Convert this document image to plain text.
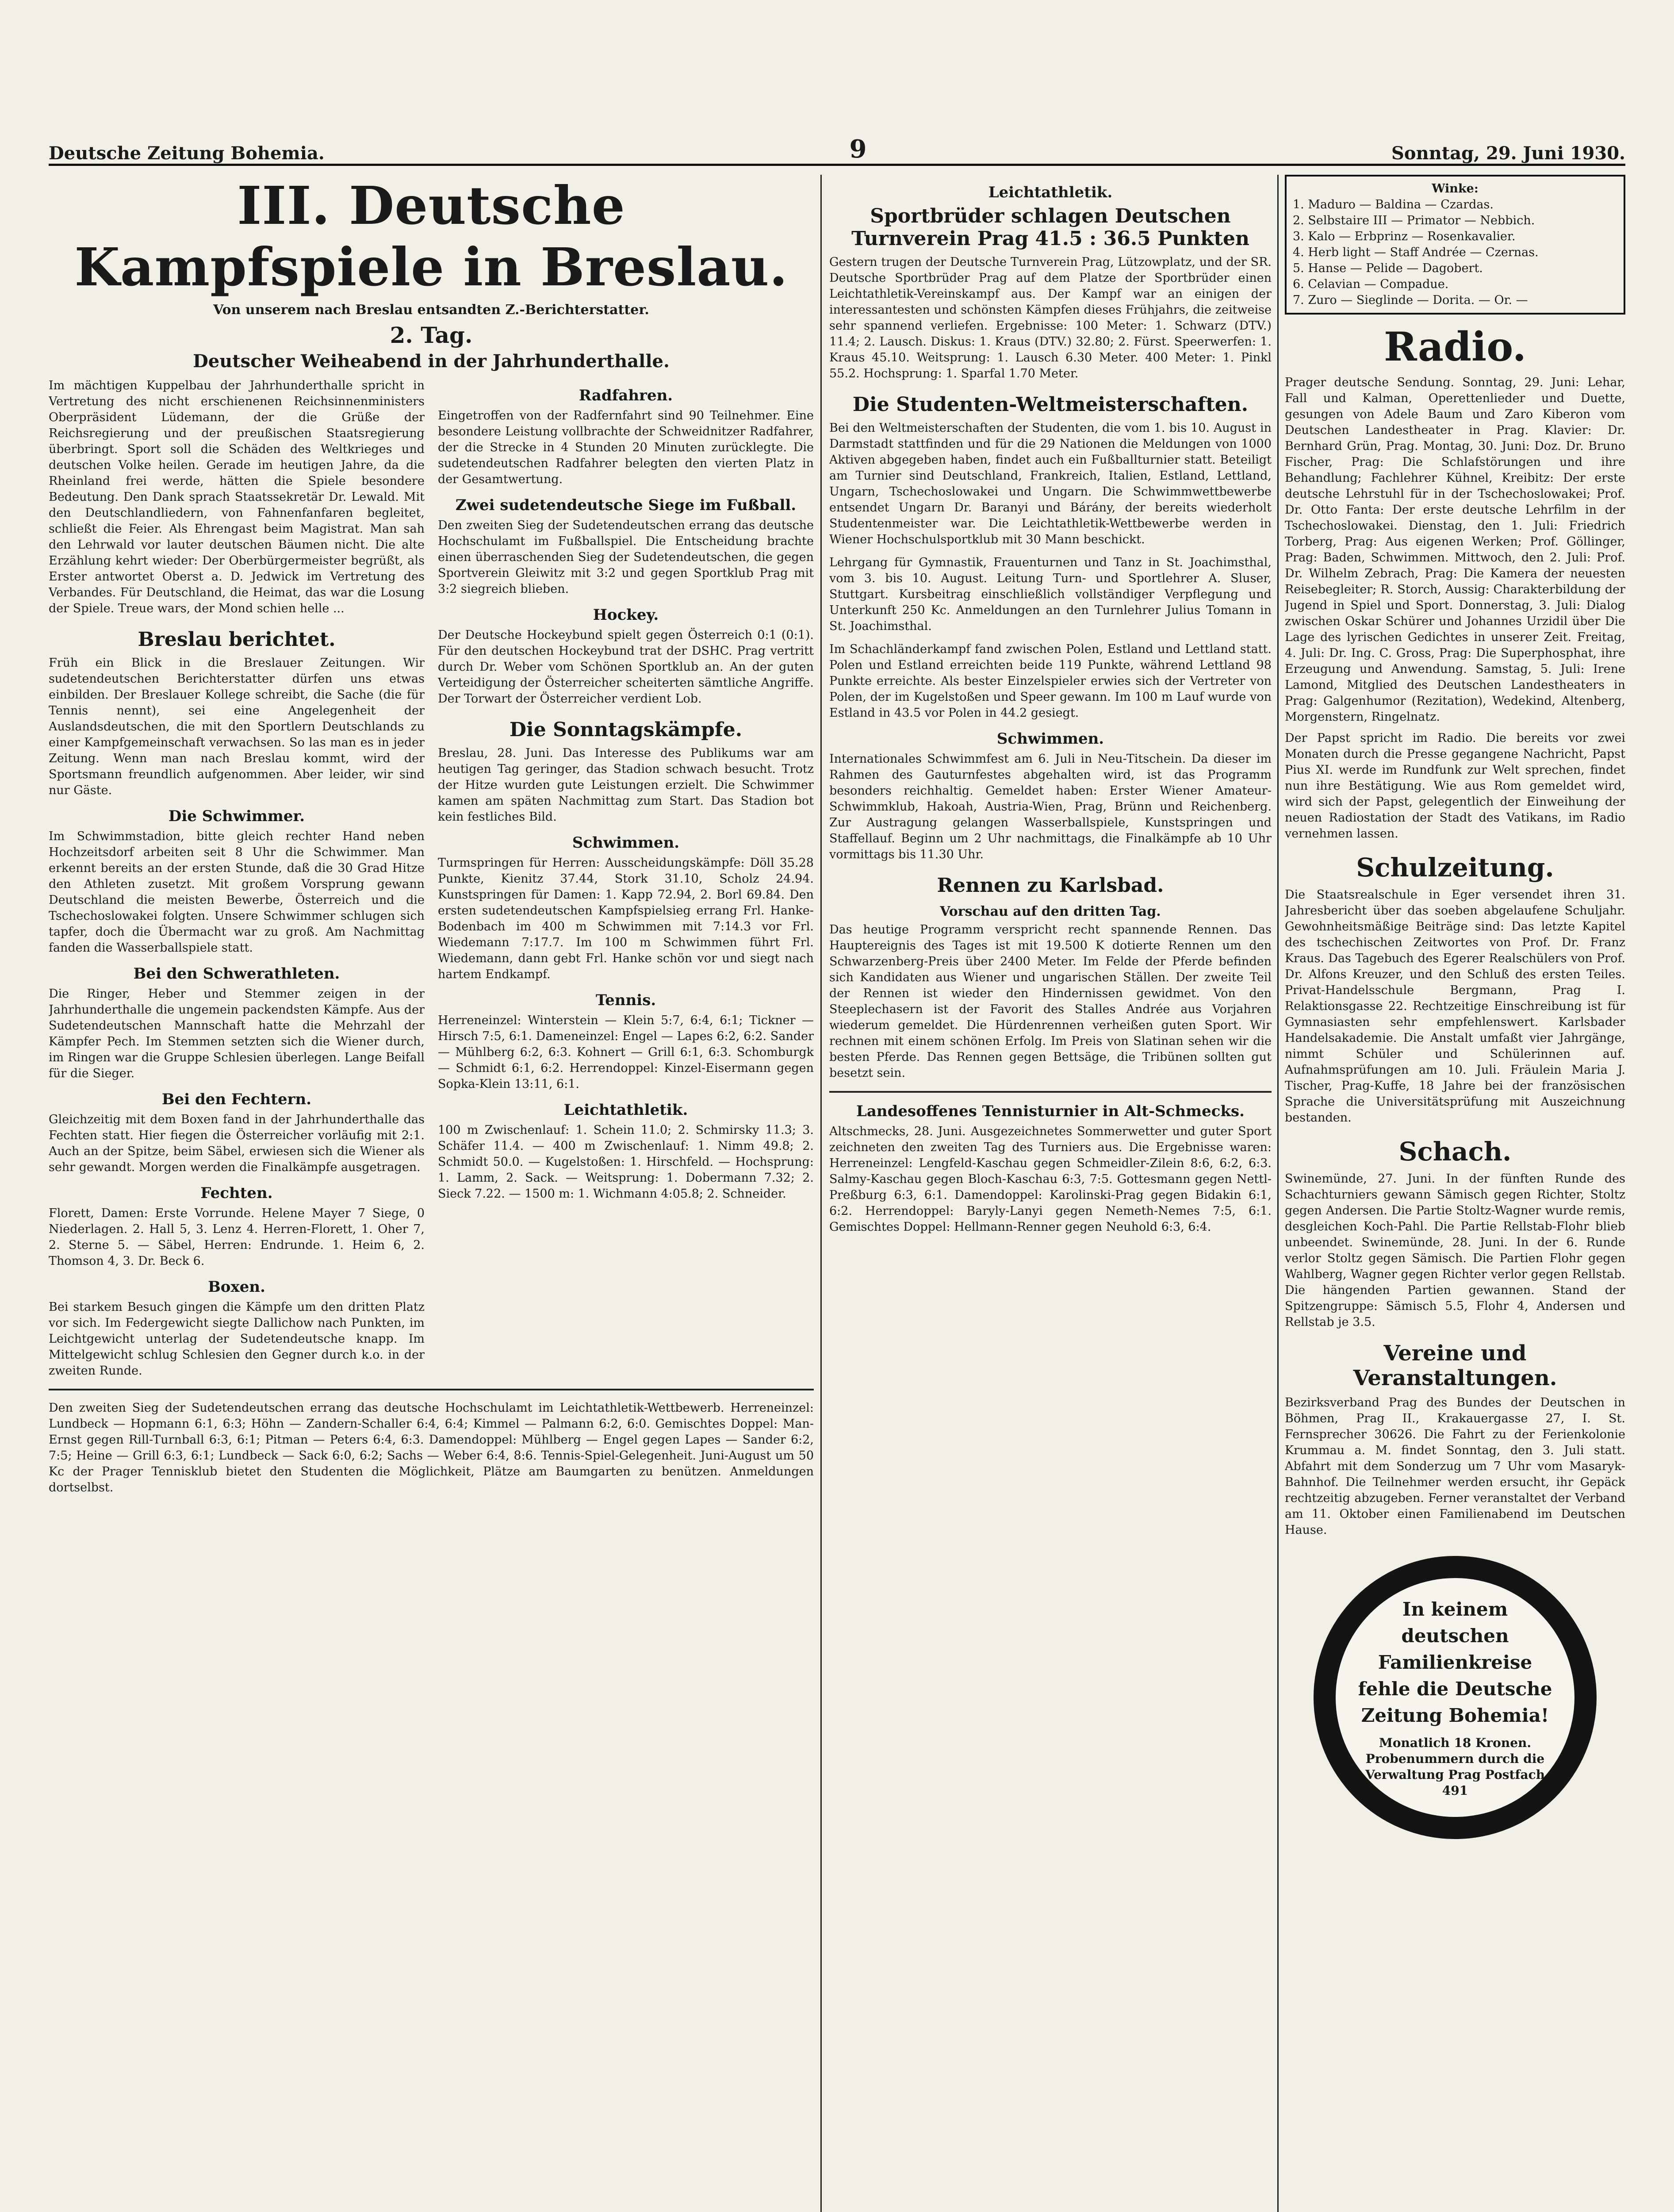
Deutsche Zeitung Bohemia.	9	Sonntag, 29. Juni 1930.
III. Deutsche Kampfspiele in Breslau.
Von unserem nach Breslau entsandten Z.-Berichterstatter.
2. Tag.
Deutscher Weiheabend in der Jahrhunderthalle.

Im mächtigen Kuppelbau der Jahrhunderthalle spricht in Vertretung des nicht erschienenen Reichsinnenministers Oberpräsident Lüdemann, der die Grüße der Reichsregierung und der preußischen Staatsregierung überbringt. Sport soll die Schäden des Weltkrieges und deutschen Volke heilen. Gerade im heutigen Jahre, da die Rheinland frei werde, hätten die Spiele besondere Bedeutung. Den Dank sprach Staatssekretär Dr. Lewald. Mit den Deutschlandliedern, von Fahnenfanfaren begleitet, schließt die Feier. Als Ehrengast beim Magistrat. Man sah den Lehrwald vor lauter deutschen Bäumen nicht. Die alte Erzählung kehrt wieder: Der Oberbürgermeister begrüßt, als Erster antwortet Oberst a. D. Jedwick im Vertretung des Verbandes. Für Deutschland, die Heimat, das war die Losung der Spiele. Treue wars, der Mond schien helle ...

Breslau berichtet.

Früh ein Blick in die Breslauer Zeitungen. Wir sudetendeutschen Berichterstatter dürfen uns etwas einbilden. Der Breslauer Kollege schreibt, die Sache (die für Tennis nennt), sei eine Angelegenheit der Auslandsdeutschen, die mit den Sportlern Deutschlands zu einer Kampfgemeinschaft verwachsen. So las man es in jeder Zeitung. Wenn man nach Breslau kommt, wird der Sportsmann freundlich aufgenommen. Aber leider, wir sind nur Gäste.

Die Schwimmer.

Im Schwimmstadion, bitte gleich rechter Hand neben Hochzeitsdorf arbeiten seit 8 Uhr die Schwimmer. Man erkennt bereits an der ersten Stunde, daß die 30 Grad Hitze den Athleten zusetzt. Mit großem Vorsprung gewann Deutschland die meisten Bewerbe, Österreich und die Tschechoslowakei folgten. Unsere Schwimmer schlugen sich tapfer, doch die Übermacht war zu groß. Am Nachmittag fanden die Wasserballspiele statt.

Bei den Schwerathleten.

Die Ringer, Heber und Stemmer zeigen in der Jahrhunderthalle die ungemein packendsten Kämpfe. Aus der Sudetendeutschen Mannschaft hatte die Mehrzahl der Kämpfer Pech. Im Stemmen setzten sich die Wiener durch, im Ringen war die Gruppe Schlesien überlegen. Lange Beifall für die Sieger.

Bei den Fechtern.

Gleichzeitig mit dem Boxen fand in der Jahrhunderthalle das Fechten statt. Hier fiegen die Österreicher vorläufig mit 2:1. Auch an der Spitze, beim Säbel, erwiesen sich die Wiener als sehr gewandt. Morgen werden die Finalkämpfe ausgetragen.

Fechten.

Florett, Damen: Erste Vorrunde. Helene Mayer 7 Siege, 0 Niederlagen. 2. Hall 5, 3. Lenz 4. Herren-Florett, 1. Oher 7, 2. Sterne 5. — Säbel, Herren: Endrunde. 1. Heim 6, 2. Thomson 4, 3. Dr. Beck 6.

Boxen.

Bei starkem Besuch gingen die Kämpfe um den dritten Platz vor sich. Im Federgewicht siegte Dallichow nach Punkten, im Leichtgewicht unterlag der Sudetendeutsche knapp. Im Mittelgewicht schlug Schlesien den Gegner durch k.o. in der zweiten Runde.

Radfahren.

Eingetroffen von der Radfernfahrt sind 90 Teilnehmer. Eine besondere Leistung vollbrachte der Schweidnitzer Radfahrer, der die Strecke in 4 Stunden 20 Minuten zurücklegte. Die sudetendeutschen Radfahrer belegten den vierten Platz in der Gesamtwertung.

Zwei sudetendeutsche Siege im Fußball.

Den zweiten Sieg der Sudetendeutschen errang das deutsche Hochschulamt im Fußballspiel. Die Entscheidung brachte einen überraschenden Sieg der Sudetendeutschen, die gegen Sportverein Gleiwitz mit 3:2 und gegen Sportklub Prag mit 3:2 siegreich blieben.

Hockey.

Der Deutsche Hockeybund spielt gegen Österreich 0:1 (0:1). Für den deutschen Hockeybund trat der DSHC. Prag vertritt durch Dr. Weber vom Schönen Sportklub an. An der guten Verteidigung der Österreicher scheiterten sämtliche Angriffe. Der Torwart der Österreicher verdient Lob.

Die Sonntagskämpfe.

Breslau, 28. Juni. Das Interesse des Publikums war am heutigen Tag geringer, das Stadion schwach besucht. Trotz der Hitze wurden gute Leistungen erzielt. Die Schwimmer kamen am späten Nachmittag zum Start. Das Stadion bot kein festliches Bild.

Schwimmen.

Turmspringen für Herren: Ausscheidungskämpfe: Döll 35.28 Punkte, Kienitz 37.44, Stork 31.10, Scholz 24.94. Kunstspringen für Damen: 1. Kapp 72.94, 2. Borl 69.84. Den ersten sudetendeutschen Kampfspielsieg errang Frl. Hanke-Bodenbach im 400 m Schwimmen mit 7:14.3 vor Frl. Wiedemann 7:17.7. Im 100 m Schwimmen führt Frl. Wiedemann, dann gebt Frl. Hanke schön vor und siegt nach hartem Endkampf.

Tennis.

Herreneinzel: Winterstein — Klein 5:7, 6:4, 6:1; Tickner — Hirsch 7:5, 6:1. Dameneinzel: Engel — Lapes 6:2, 6:2. Sander — Mühlberg 6:2, 6:3. Kohnert — Grill 6:1, 6:3. Schomburgk — Schmidt 6:1, 6:2. Herrendoppel: Kinzel-Eisermann gegen Sopka-Klein 13:11, 6:1.

Leichtathletik.

100 m Zwischenlauf: 1. Schein 11.0; 2. Schmirsky 11.3; 3. Schäfer 11.4. — 400 m Zwischenlauf: 1. Nimm 49.8; 2. Schmidt 50.0. — Kugelstoßen: 1. Hirschfeld. — Hochsprung: 1. Lamm, 2. Sack. — Weitsprung: 1. Dobermann 7.32; 2. Sieck 7.22. — 1500 m: 1. Wichmann 4:05.8; 2. Schneider.

Den zweiten Sieg der Sudetendeutschen errang das deutsche Hochschulamt im Leichtathletik-Wettbewerb. Herreneinzel: Lundbeck — Hopmann 6:1, 6:3; Höhn — Zandern-Schaller 6:4, 6:4; Kimmel — Palmann 6:2, 6:0. Gemischtes Doppel: Man-Ernst gegen Rill-Turnball 6:3, 6:1; Pitman — Peters 6:4, 6:3. Damendoppel: Mühlberg — Engel gegen Lapes — Sander 6:2, 7:5; Heine — Grill 6:3, 6:1; Lundbeck — Sack 6:0, 6:2; Sachs — Weber 6:4, 8:6. Tennis-Spiel-Gelegenheit. Juni-August um 50 Kc der Prager Tennisklub bietet den Studenten die Möglichkeit, Plätze am Baumgarten zu benützen. Anmeldungen dortselbst.

Leichtathletik.
Sportbrüder schlagen Deutschen Turnverein Prag 41.5 : 36.5 Punkten

Gestern trugen der Deutsche Turnverein Prag, Lützowplatz, und der SR. Deutsche Sportbrüder Prag auf dem Platze der Sportbrüder einen Leichtathletik-Vereinskampf aus. Der Kampf war an einigen der interessantesten und schönsten Kämpfen dieses Frühjahrs, die zeitweise sehr spannend verliefen. Ergebnisse: 100 Meter: 1. Schwarz (DTV.) 11.4; 2. Lausch. Diskus: 1. Kraus (DTV.) 32.80; 2. Fürst. Speerwerfen: 1. Kraus 45.10. Weitsprung: 1. Lausch 6.30 Meter. 400 Meter: 1. Pinkl 55.2. Hochsprung: 1. Sparfal 1.70 Meter.

Die Studenten-Weltmeisterschaften.

Bei den Weltmeisterschaften der Studenten, die vom 1. bis 10. August in Darmstadt stattfinden und für die 29 Nationen die Meldungen von 1000 Aktiven abgegeben haben, findet auch ein Fußballturnier statt. Beteiligt am Turnier sind Deutschland, Frankreich, Italien, Estland, Lettland, Ungarn, Tschechoslowakei und Ungarn. Die Schwimmwettbewerbe entsendet Ungarn Dr. Baranyi und Bárány, der bereits wiederholt Studentenmeister war. Die Leichtathletik-Wettbewerbe werden in Wiener Hochschulsportklub mit 30 Mann beschickt.

Lehrgang für Gymnastik, Frauenturnen und Tanz in St. Joachimsthal, vom 3. bis 10. August. Leitung Turn- und Sportlehrer A. Sluser, Stuttgart. Kursbeitrag einschließlich vollständiger Verpflegung und Unterkunft 250 Kc. Anmeldungen an den Turnlehrer Julius Tomann in St. Joachimsthal.

Im Schachländerkampf fand zwischen Polen, Estland und Lettland statt. Polen und Estland erreichten beide 119 Punkte, während Lettland 98 Punkte erreichte. Als bester Einzelspieler erwies sich der Vertreter von Polen, der im Kugelstoßen und Speer gewann. Im 100 m Lauf wurde von Estland in 43.5 vor Polen in 44.2 gesiegt.

Schwimmen.

Internationales Schwimmfest am 6. Juli in Neu-Titschein. Da dieser im Rahmen des Gauturnfestes abgehalten wird, ist das Programm besonders reichhaltig. Gemeldet haben: Erster Wiener Amateur-Schwimmklub, Hakoah, Austria-Wien, Prag, Brünn und Reichenberg. Zur Austragung gelangen Wasserballspiele, Kunstspringen und Staffellauf. Beginn um 2 Uhr nachmittags, die Finalkämpfe ab 10 Uhr vormittags bis 11.30 Uhr.

Rennen zu Karlsbad.
Vorschau auf den dritten Tag.

Das heutige Programm verspricht recht spannende Rennen. Das Hauptereignis des Tages ist mit 19.500 K dotierte Rennen um den Schwarzenberg-Preis über 2400 Meter. Im Felde der Pferde befinden sich Kandidaten aus Wiener und ungarischen Ställen. Der zweite Teil der Rennen ist wieder den Hindernissen gewidmet. Von den Steeplechasern ist der Favorit des Stalles Andrée aus Vorjahren wiederum gemeldet. Die Hürdenrennen verheißen guten Sport. Wir rechnen mit einem schönen Erfolg. Im Preis von Slatinan sehen wir die besten Pferde. Das Rennen gegen Bettsäge, die Tribünen sollten gut besetzt sein.

Landesoffenes Tennisturnier in Alt-Schmecks.

Altschmecks, 28. Juni. Ausgezeichnetes Sommerwetter und guter Sport zeichneten den zweiten Tag des Turniers aus. Die Ergebnisse waren: Herreneinzel: Lengfeld-Kaschau gegen Schmeidler-Zilein 8:6, 6:2, 6:3. Salmy-Kaschau gegen Bloch-Kaschau 6:3, 7:5. Gottesmann gegen Nettl-Preßburg 6:3, 6:1. Damendoppel: Karolinski-Prag gegen Bidakin 6:1, 6:2. Herrendoppel: Baryly-Lanyi gegen Nemeth-Nemes 7:5, 6:1. Gemischtes Doppel: Hellmann-Renner gegen Neuhold 6:3, 6:4.

Winke:
1. Maduro — Baldina — Czardas.
2. Selbstaire III — Primator — Nebbich.
3. Kalo — Erbprinz — Rosenkavalier.
4. Herb light — Staff Andrée — Czernas.
5. Hanse — Pelide — Dagobert.
6. Celavian — Compadue.
7. Zuro — Sieglinde — Dorita. — Or. —
Radio.

Prager deutsche Sendung. Sonntag, 29. Juni: Lehar, Fall und Kalman, Operettenlieder und Duette, gesungen von Adele Baum und Zaro Kiberon vom Deutschen Landestheater in Prag. Klavier: Dr. Bernhard Grün, Prag. Montag, 30. Juni: Doz. Dr. Bruno Fischer, Prag: Die Schlafstörungen und ihre Behandlung; Fachlehrer Kühnel, Kreibitz: Der erste deutsche Lehrstuhl für in der Tschechoslowakei; Prof. Dr. Otto Fanta: Der erste deutsche Lehrfilm in der Tschechoslowakei. Dienstag, den 1. Juli: Friedrich Torberg, Prag: Aus eigenen Werken; Prof. Göllinger, Prag: Baden, Schwimmen. Mittwoch, den 2. Juli: Prof. Dr. Wilhelm Zebrach, Prag: Die Kamera der neuesten Reisebegleiter; R. Storch, Aussig: Charakterbildung der Jugend in Spiel und Sport. Donnerstag, 3. Juli: Dialog zwischen Oskar Schürer und Johannes Urzidil über Die Lage des lyrischen Gedichtes in unserer Zeit. Freitag, 4. Juli: Dr. Ing. C. Gross, Prag: Die Superphosphat, ihre Erzeugung und Anwendung. Samstag, 5. Juli: Irene Lamond, Mitglied des Deutschen Landestheaters in Prag: Galgenhumor (Rezitation), Wedekind, Altenberg, Morgenstern, Ringelnatz.

Der Papst spricht im Radio. Die bereits vor zwei Monaten durch die Presse gegangene Nachricht, Papst Pius XI. werde im Rundfunk zur Welt sprechen, findet nun ihre Bestätigung. Wie aus Rom gemeldet wird, wird sich der Papst, gelegentlich der Einweihung der neuen Radiostation der Stadt des Vatikans, im Radio vernehmen lassen.

Schulzeitung.

Die Staatsrealschule in Eger versendet ihren 31. Jahresbericht über das soeben abgelaufene Schuljahr. Gewohnheitsmäßige Beiträge sind: Das letzte Kapitel des tschechischen Zeitwortes von Prof. Dr. Franz Kraus. Das Tagebuch des Egerer Realschülers von Prof. Dr. Alfons Kreuzer, und den Schluß des ersten Teiles. Privat-Handelsschule Bergmann, Prag I. Relaktionsgasse 22. Rechtzeitige Einschreibung ist für Gymnasiasten sehr empfehlenswert. Karlsbader Handelsakademie. Die Anstalt umfaßt vier Jahrgänge, nimmt Schüler und Schülerinnen auf. Aufnahmsprüfungen am 10. Juli. Fräulein Maria J. Tischer, Prag-Kuffe, 18 Jahre bei der französischen Sprache die Universitätsprüfung mit Auszeichnung bestanden.

Schach.

Swinemünde, 27. Juni. In der fünften Runde des Schachturniers gewann Sämisch gegen Richter, Stoltz gegen Andersen. Die Partie Stoltz-Wagner wurde remis, desgleichen Koch-Pahl. Die Partie Rellstab-Flohr blieb unbeendet. Swinemünde, 28. Juni. In der 6. Runde verlor Stoltz gegen Sämisch. Die Partien Flohr gegen Wahlberg, Wagner gegen Richter verlor gegen Rellstab. Die hängenden Partien gewannen. Stand der Spitzengruppe: Sämisch 5.5, Flohr 4, Andersen und Rellstab je 3.5.

Vereine und Veranstaltungen.

Bezirksverband Prag des Bundes der Deutschen in Böhmen, Prag II., Krakauergasse 27, I. St. Fernsprecher 30626. Die Fahrt zu der Ferienkolonie Krummau a. M. findet Sonntag, den 3. Juli statt. Abfahrt mit dem Sonderzug um 7 Uhr vom Masaryk-Bahnhof. Die Teilnehmer werden ersucht, ihr Gepäck rechtzeitig abzugeben. Ferner veranstaltet der Verband am 11. Oktober einen Familienabend im Deutschen Hause.

In keinem deutschen Familienkreise fehle die Deutsche Zeitung Bohemia!
Monatlich 18 Kronen. Probenummern durch die Verwaltung Prag Postfach 491
